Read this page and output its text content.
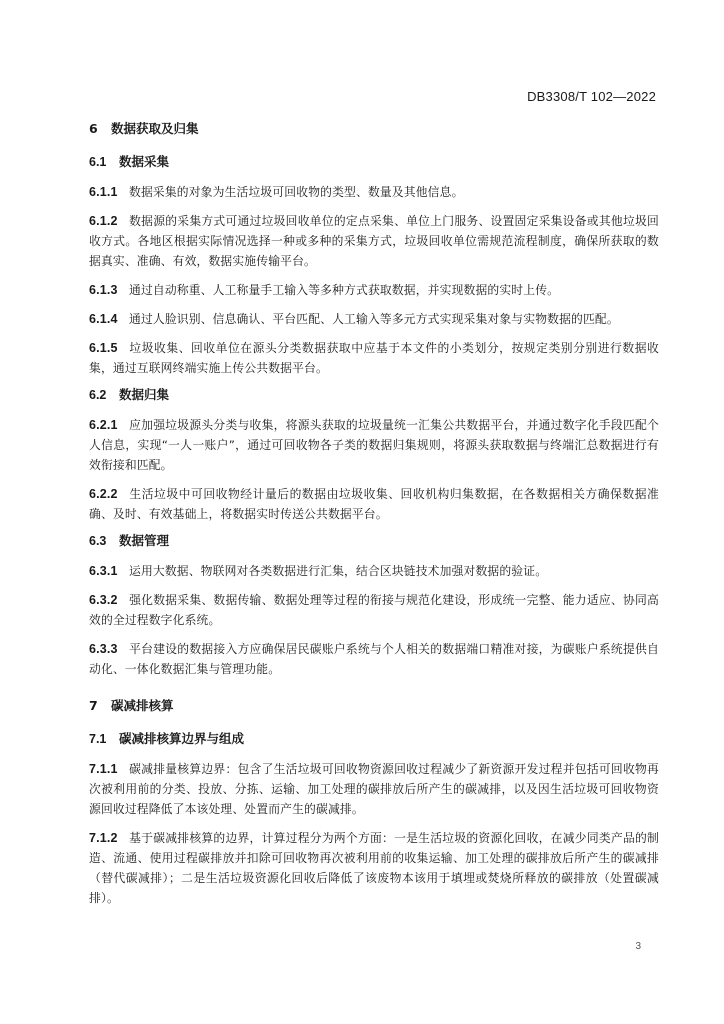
DB3308/T 102—2022
6 数据获取及归集
6.1 数据采集
6.1.1 数据采集的对象为生活垃圾可回收物的类型、数量及其他信息。
6.1.2 数据源的采集方式可通过垃圾回收单位的定点采集、单位上门服务、设置固定采集设备或其他垃圾回收方式。各地区根据实际情况选择一种或多种的采集方式，垃圾回收单位需规范流程制度，确保所获取的数据真实、准确、有效，数据实施传输平台。
6.1.3 通过自动称重、人工称量手工输入等多种方式获取数据，并实现数据的实时上传。
6.1.4 通过人脸识别、信息确认、平台匹配、人工输入等多元方式实现采集对象与实物数据的匹配。
6.1.5 垃圾收集、回收单位在源头分类数据获取中应基于本文件的小类划分，按规定类别分别进行数据收集，通过互联网终端实施上传公共数据平台。
6.2 数据归集
6.2.1 应加强垃圾源头分类与收集，将源头获取的垃圾量统一汇集公共数据平台，并通过数字化手段匹配个人信息，实现“一人一账户”，通过可回收物各子类的数据归集规则，将源头获取数据与终端汇总数据进行有效衔接和匹配。
6.2.2 生活垃圾中可回收物经计量后的数据由垃圾收集、回收机构归集数据，在各数据相关方确保数据准确、及时、有效基础上，将数据实时传送公共数据平台。
6.3 数据管理
6.3.1 运用大数据、物联网对各类数据进行汇集，结合区块链技术加强对数据的验证。
6.3.2 强化数据采集、数据传输、数据处理等过程的衔接与规范化建设，形成统一完整、能力适应、协同高效的全过程数字化系统。
6.3.3 平台建设的数据接入方应确保居民碳账户系统与个人相关的数据端口精准对接，为碳账户系统提供自动化、一体化数据汇集与管理功能。
7 碳减排核算
7.1 碳减排核算边界与组成
7.1.1 碳减排量核算边界：包含了生活垃圾可回收物资源回收过程减少了新资源开发过程并包括可回收物再次被利用前的分类、投放、分拣、运输、加工处理的碳排放后所产生的碳减排，以及因生活垃圾可回收物资源回收过程降低了本该处理、处置而产生的碳减排。
7.1.2 基于碳减排核算的边界，计算过程分为两个方面：一是生活垃圾的资源化回收，在减少同类产品的制造、流通、使用过程碳排放并扣除可回收物再次被利用前的收集运输、加工处理的碳排放后所产生的碳减排（替代碳减排）；二是生活垃圾资源化回收后降低了该废物本该用于填埋或焚烧所释放的碳排放（处置碳减排）。
3
